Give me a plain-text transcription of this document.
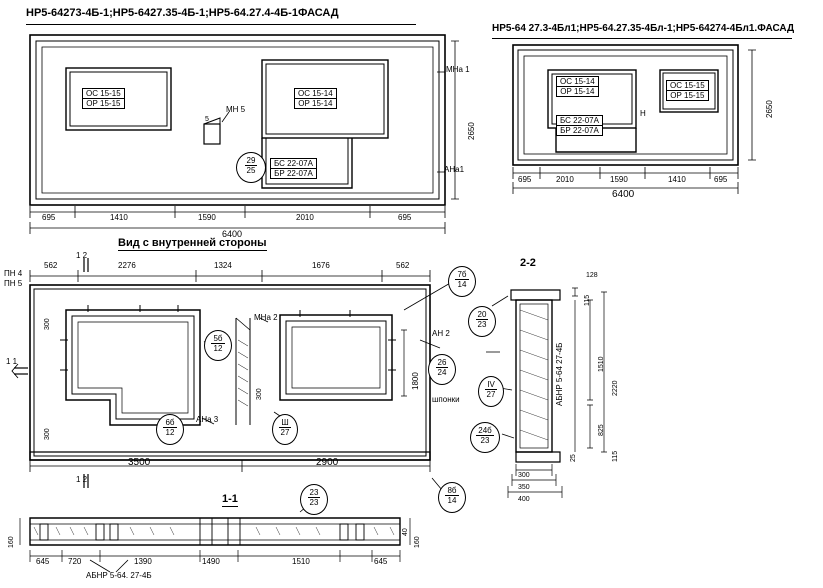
НР5-64273-4Б-1;НР5-6427.35-4Б-1;НР5-64.27.4-4Б-1ФАСАД
ОС 15-15
ОР 15-15
ОС 15-14
ОР 15-14
БС 22-07А
БР 22-07А
МН 5
5
МНа 1
АНа1
29
25
695	1410	1590	2010	695
6400
2650
НР5-64 27.3-4Бл1;НР5-64.27.35-4Бл-1;НР5-64274-4Бл1.ФАСАД
ОС 15-14
ОР 15-14
ОС 15-15
ОР 15-15
БС 22-07А
БР 22-07А
Н
695	2010	1590	1410	695
6400
2650
Вид с внутренней стороны
562	2276	1324	1676	562
ПН 4
ПН 5
1 2
1 2
1 1
300
300
300
1800
МНа 2
АНа 3
АН 2
7б
14
5б
12
26
24
6б
12
Ш
27
8б
14
3500	2900
2-2
АБНР 5-64 27-4Б
128
115
1510
2220
825
115
25
300
350
400
20
23
IV
27
24б
23
шпонки
1-1
23
23
160	160
40
645 720	1390	1490	1510	645
АБНР 5-64. 27-4Б
